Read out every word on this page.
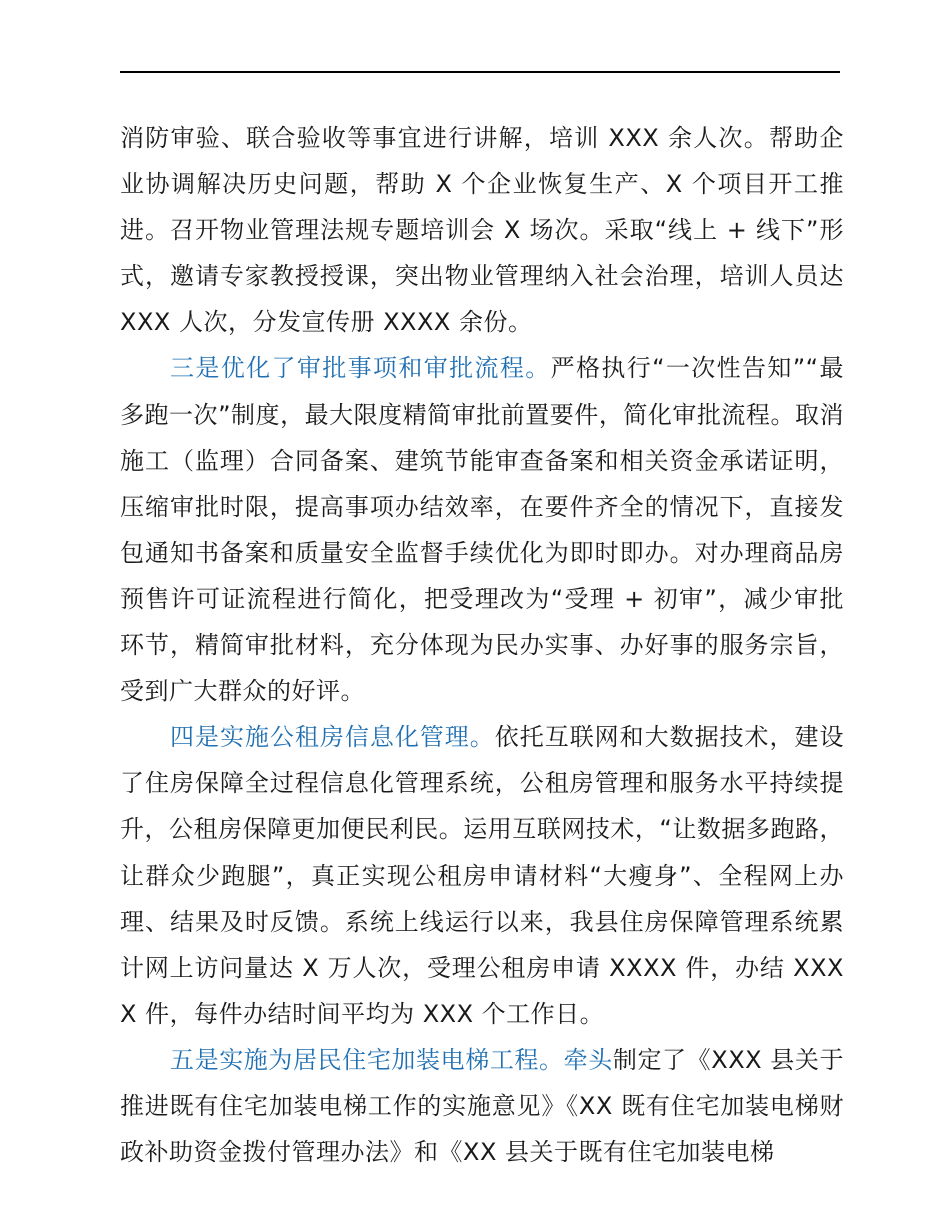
消防审验、联合验收等事宜进行讲解，培训 XXX 余人次。帮助企业协调解决历史问题，帮助 X 个企业恢复生产、X 个项目开工推进。召开物业管理法规专题培训会 X 场次。采取“线上 + 线下”形式，邀请专家教授授课，突出物业管理纳入社会治理，培训人员达 XXX 人次，分发宣传册 XXXX 余份。

三是优化了审批事项和审批流程。严格执行“一次性告知”“最多跑一次”制度，最大限度精简审批前置要件，简化审批流程。取消施工（监理）合同备案、建筑节能审查备案和相关资金承诺证明，压缩审批时限，提高事项办结效率，在要件齐全的情况下，直接发包通知书备案和质量安全监督手续优化为即时即办。对办理商品房预售许可证流程进行简化，把受理改为“受理 + 初审”，减少审批环节，精简审批材料，充分体现为民办实事、办好事的服务宗旨，受到广大群众的好评。

四是实施公租房信息化管理。依托互联网和大数据技术，建设了住房保障全过程信息化管理系统，公租房管理和服务水平持续提升，公租房保障更加便民利民。运用互联网技术，“让数据多跑路，让群众少跑腿”，真正实现公租房申请材料“大瘦身”、全程网上办理、结果及时反馈。系统上线运行以来，我县住房保障管理系统累计网上访问量达 X 万人次，受理公租房申请 XXXX 件，办结 XXXX 件，每件办结时间平均为 XXX 个工作日。

五是实施为居民住宅加装电梯工程。牵头制定了《XXX 县关于推进既有住宅加装电梯工作的实施意见》《XX 既有住宅加装电梯财政补助资金拨付管理办法》和《XX 县关于既有住宅加装电梯
